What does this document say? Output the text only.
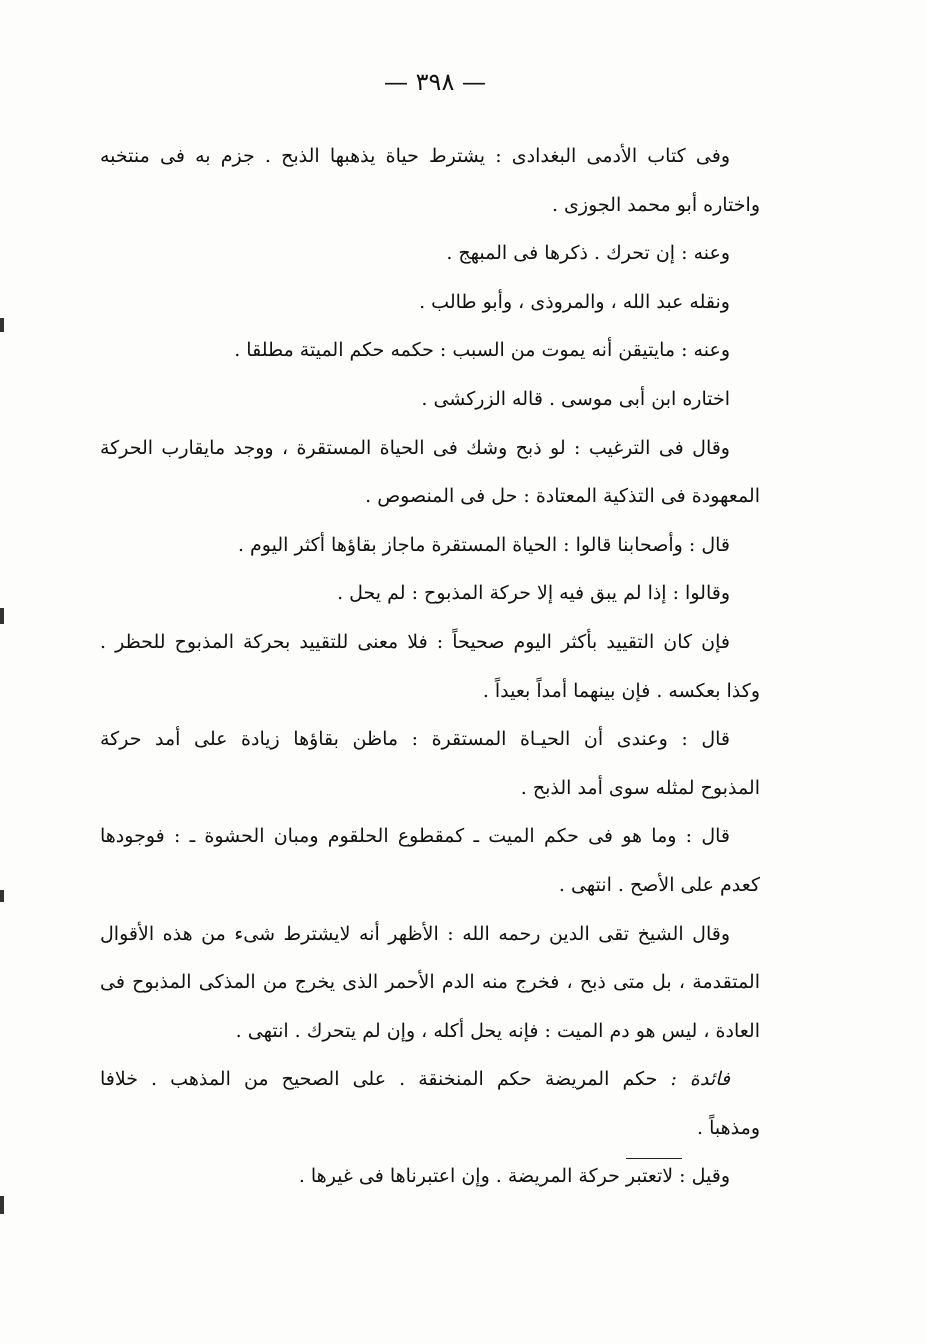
— ٣٩٨ —
وفى كتاب الأدمى البغدادى : يشترط حياة يذهبها الذبح . جزم به فى منتخبه
واختاره أبو محمد الجوزى .
وعنه : إن تحرك . ذكرها فى المبهج .
ونقله عبد الله ، والمروذى ، وأبو طالب .
وعنه : مايتيقن أنه يموت من السبب : حكمه حكم الميتة مطلقا .
اختاره ابن أبى موسى . قاله الزركشى .
وقال فى الترغيب : لو ذبح وشك فى الحياة المستقرة ، ووجد مايقارب الحركة
المعهودة فى التذكية المعتادة : حل فى المنصوص .
قال : وأصحابنا قالوا : الحياة المستقرة ماجاز بقاؤها أكثر اليوم .
وقالوا : إذا لم يبق فيه إلا حركة المذبوح : لم يحل .
فإن كان التقييد بأكثر اليوم صحيحاً : فلا معنى للتقييد بحركة المذبوح للحظر .
وكذا بعكسه . فإن بينهما أمداً بعيداً .
قال : وعندى أن الحيـاة المستقرة : ماظن بقاؤها زيادة على أمد حركة
المذبوح لمثله سوى أمد الذبح .
قال : وما هو فى حكم الميت ـ كمقطوع الحلقوم ومبان الحشوة ـ : فوجودها
كعدم على الأصح . انتهى .
وقال الشيخ تقى الدين رحمه الله : الأظهر أنه لايشترط شىء من هذه الأقوال
المتقدمة ، بل متى ذبح ، فخرج منه الدم الأحمر الذى يخرج من المذكى المذبوح فى
العادة ، ليس هو دم الميت : فإنه يحل أكله ، وإن لم يتحرك . انتهى .
فائدة : حكم المريضة حكم المنخنقة . على الصحيح من المذهب . خلافا
ومذهباً .
وقيل : لاتعتبر حركة المريضة . وإن اعتبرناها فى غيرها .
